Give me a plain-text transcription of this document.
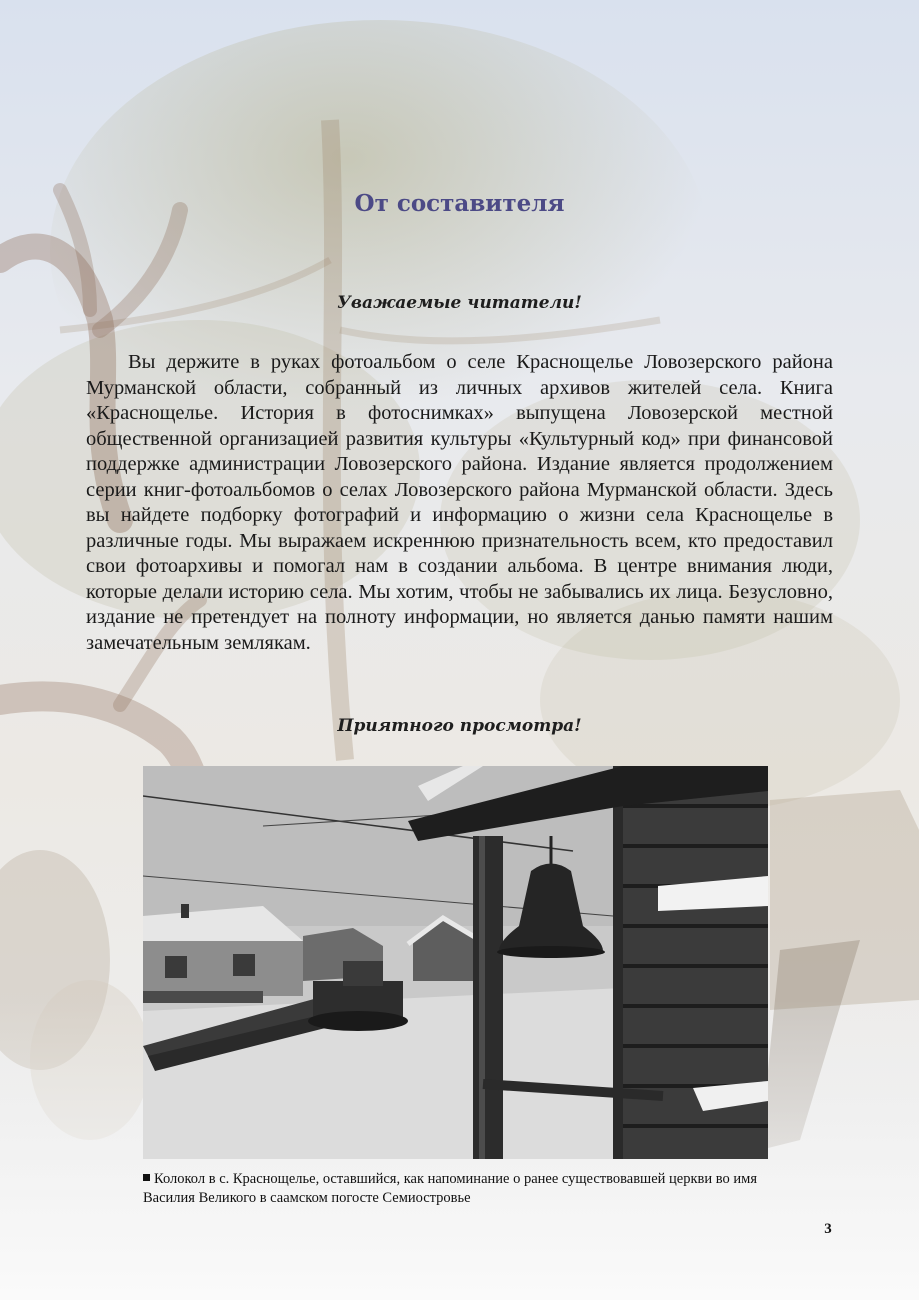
От составителя

Уважаемые читатели!

Вы держите в руках фотоальбом о селе Краснощелье Ловозерского района Мурманской области, собранный из личных архивов жителей села. Книга «Краснощелье. История в фотоснимках» выпущена Ловозерской местной общественной организацией развития культуры «Культурный код» при финансовой поддержке администрации Ловозерского района. Издание является продолжением серии книг-фотоальбомов о селах Ловозерского района Мурманской области. Здесь вы найдете подборку фотографий и информацию о жизни села Краснощелье в различные годы. Мы выражаем искреннюю признательность всем, кто предоставил свои фотоархивы и помогал нам в создании альбома. В центре внимания люди, которые делали историю села. Мы хотим, чтобы не забывались их лица. Безусловно, издание не претендует на полноту информации, но является данью памяти нашим замечательным землякам.

Приятного просмотра!

Колокол в с. Краснощелье, оставшийся, как напоминание о ранее существовавшей церкви во имя Василия Великого в саамском погосте Семиостровье

3
